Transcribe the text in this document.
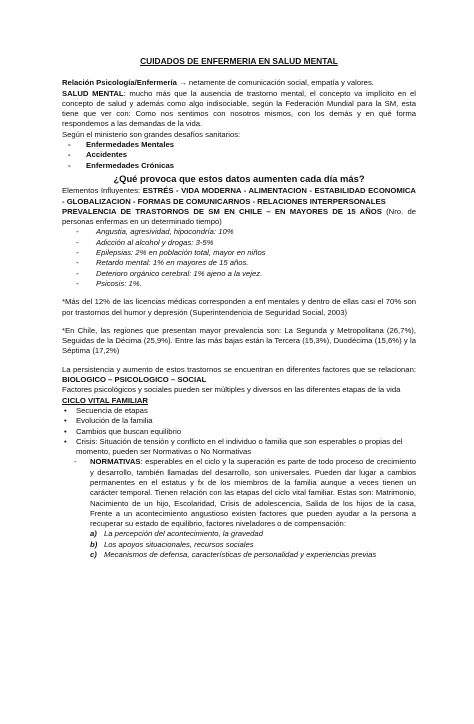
CUIDADOS DE ENFERMERIA EN SALUD MENTAL

Relación Psicología/Enfermería → netamente de comunicación social, empatía y valores.

SALUD MENTAL: mucho más que la ausencia de trastorno mental, el concepto va implícito en el concepto de salud y además como algo indisociable, según la Federación Mundial para la SM, esta tiene que ver con: Como nos sentimos con nosotros mismos, con los demás y en qué forma respondemos a las demandas de la vida.

Según el ministerio son grandes desafíos sanitarios:

- Enfermedades Mentales
- Accidentes
- Enfermedades Crónicas
¿Qué provoca que estos datos aumenten cada día más?

Elementos Influyentes: ESTRÉS - VIDA MODERNA - ALIMENTACION - ESTABILIDAD ECONOMICA - GLOBALIZACION - FORMAS DE COMUNICARNOS - RELACIONES INTERPERSONALES

PREVALENCIA DE TRASTORNOS DE SM EN CHILE – EN MAYORES DE 15 AÑOS (Nro. de personas enfermas en un determinado tiempo)

- Angustia, agresividad, hipocondría: 10%
- Adicción al alcohol y drogas: 3-5%
- Epilepsias: 2% en población total, mayor en niños
- Retardo mental: 1% en mayores de 15 años.
- Deterioro orgánico cerebral: 1% ajeno a la vejez.
- Psicosis: 1%.

*Más del 12% de las licencias médicas corresponden a enf mentales y dentro de ellas casi el 70% son por trastornos del humor y depresión (Superintendencia de Seguridad Social, 2003)

*En Chile, las regiones que presentan mayor prevalencia son: La Segunda y Metropolitana (26,7%), Seguidas de la Décima (25,9%). Entre las más bajas están la Tercera (15,3%), Duodécima (15,6%) y la Séptima (17,2%)

La persistencia y aumento de estos trastornos se encuentran en diferentes factores que se relacionan: BIOLOGICO – PSICOLOGICO – SOCIAL

Factores psicológicos y sociales pueden ser múltiples y diversos en las diferentes etapas de la vida

CICLO VITAL FAMILIAR

• Secuencia de etapas
• Evolución de la familia
• Cambios que buscan equilibrio
• Crisis: Situación de tensión y conflicto en el individuo o familia que son esperables o propias del momento, pueden ser Normativas o No Normativas
- NORMATIVAS: esperables en el ciclo y la superación es parte de todo proceso de crecimiento y desarrollo, también llamadas del desarrollo, son universales. Pueden dar lugar a cambios permanentes en el estatus y fx de los miembros de la familia aunque a veces tienen un carácter temporal. Tienen relación con las etapas del ciclo vital familiar. Estas son: Matrimonio, Nacimiento de un hijo, Escolaridad, Crisis de adolescencia, Salida de los hijos de la casa, Frente a un acontecimiento angustioso existen factores que pueden ayudar a la persona a recuperar su estado de equilibrio, factores niveladores o de compensación:
a) La percepción del acontecimiento, la gravedad
b) Los apoyos situacionales, recursos sociales
c) Mecanismos de defensa, características de personalidad y experiencias previas
